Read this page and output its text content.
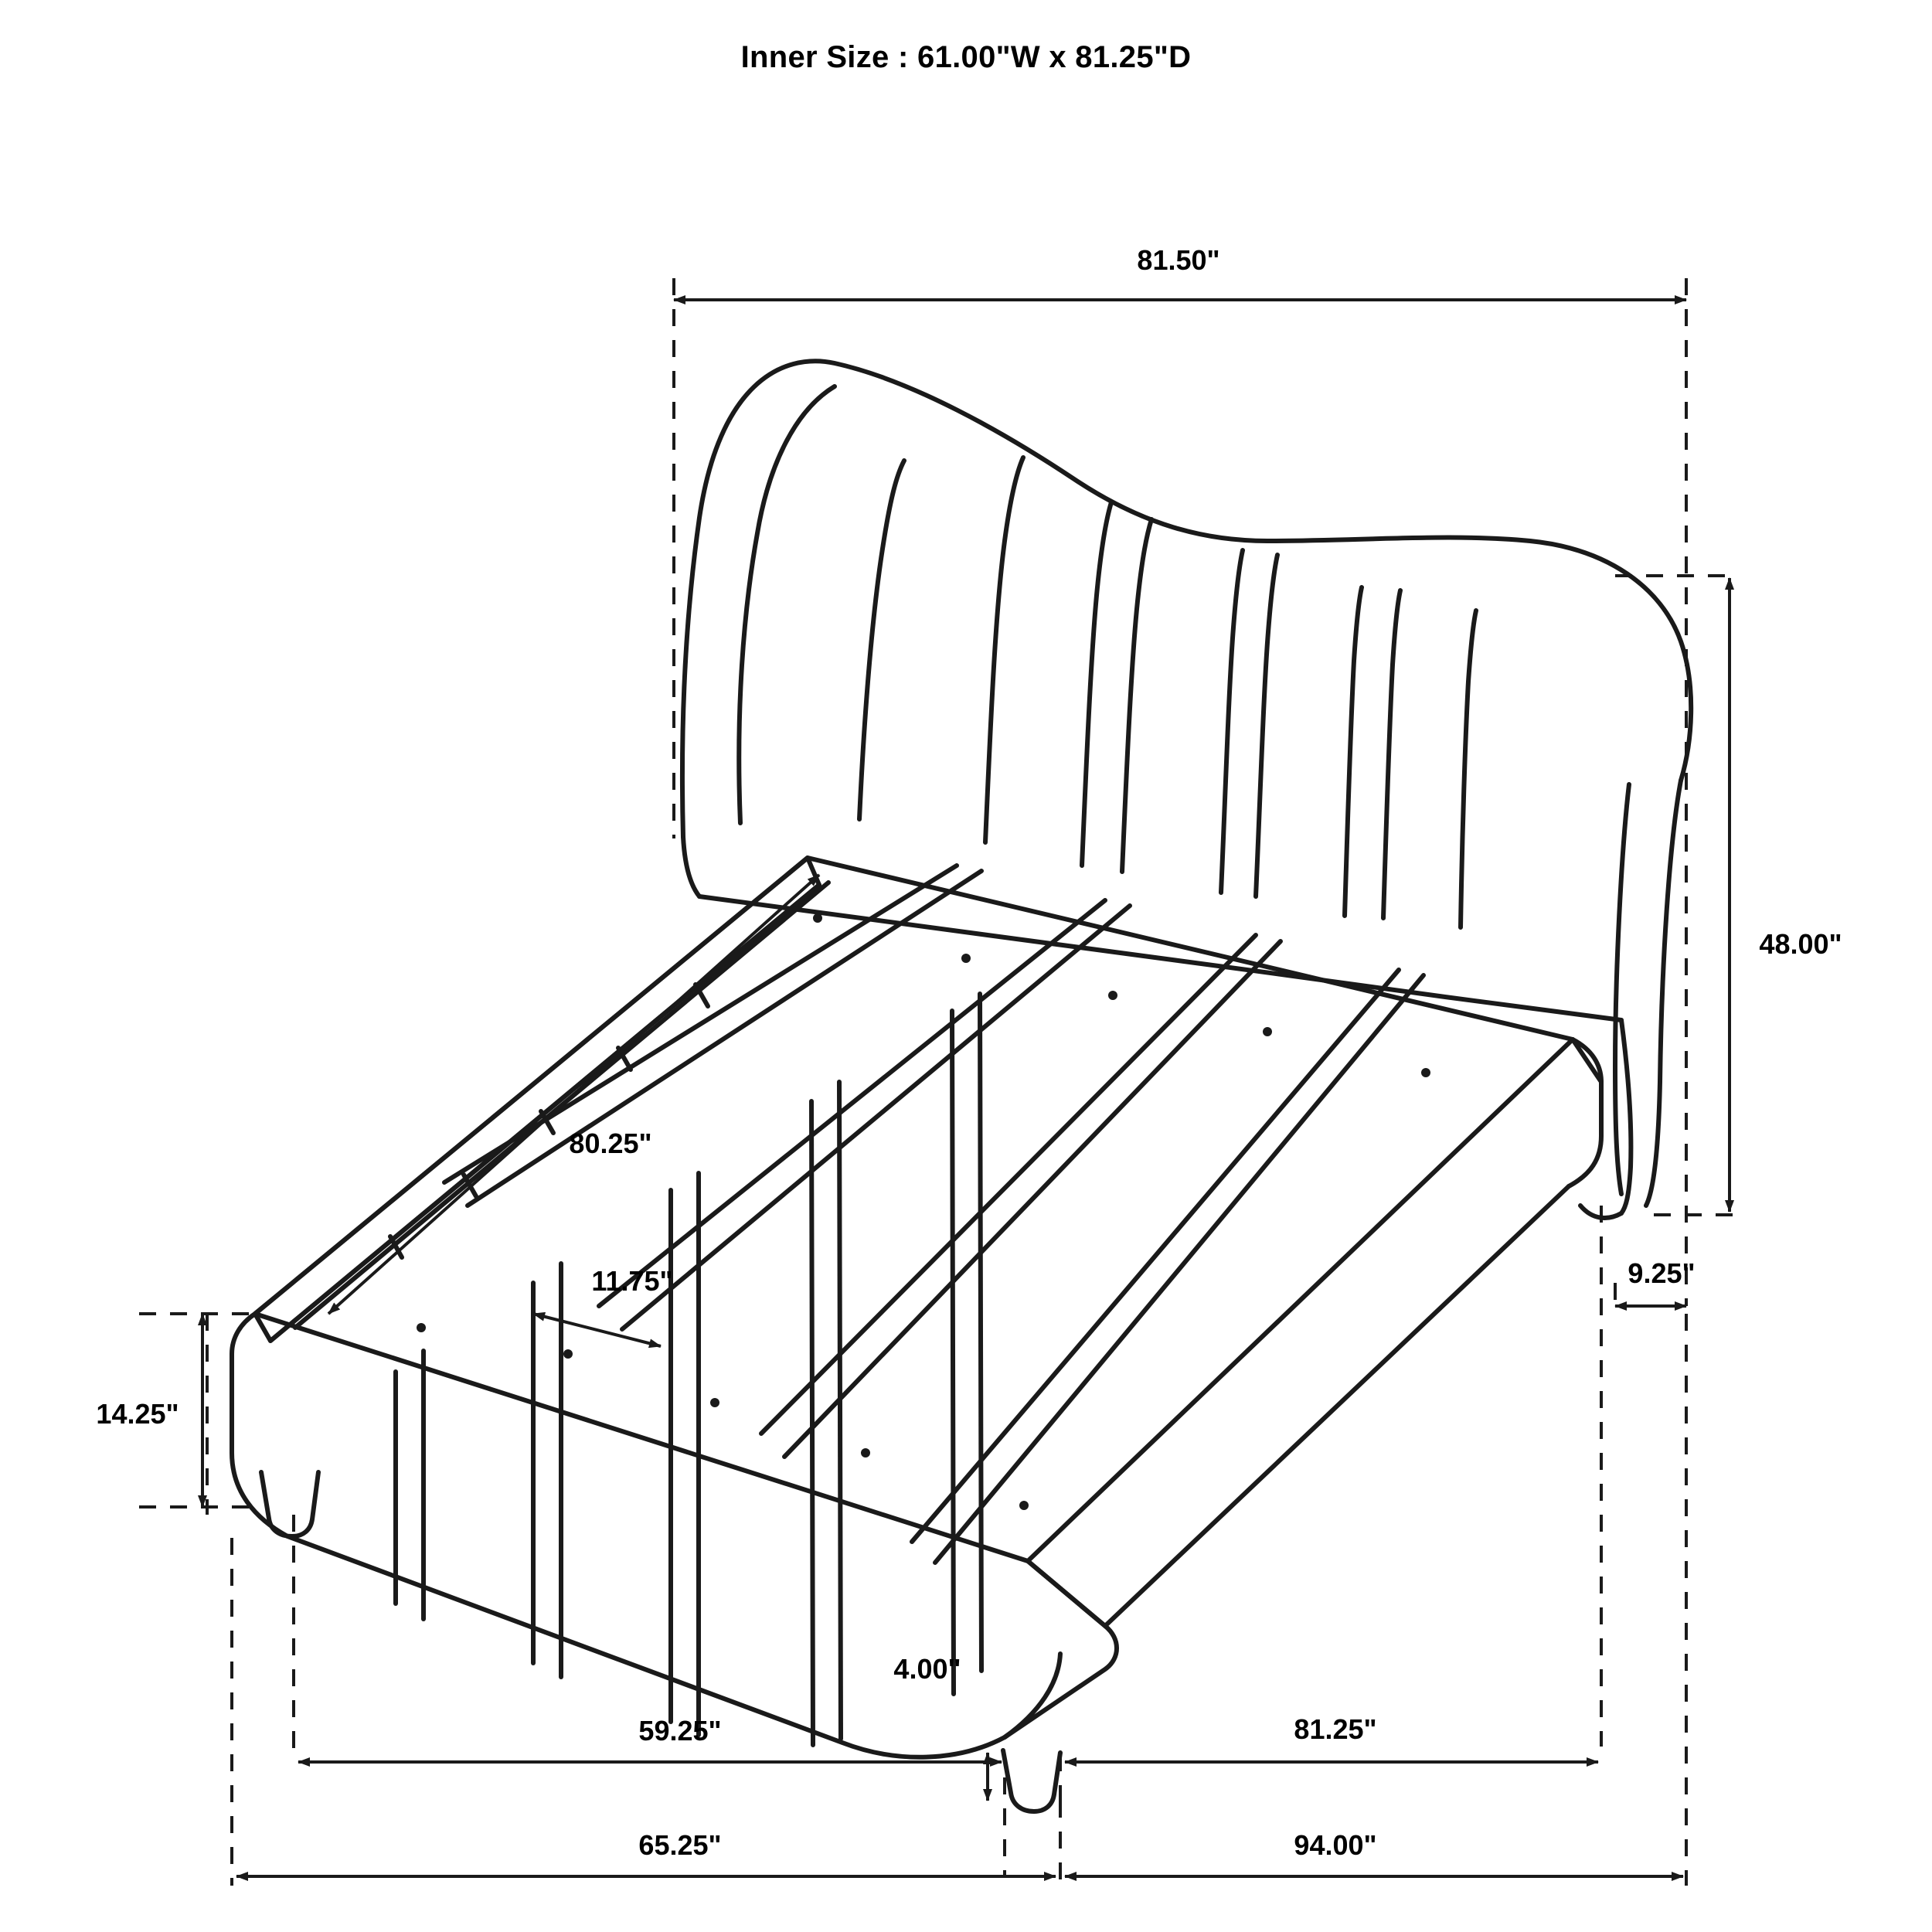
Inner Size : 61.00"W x 81.25"D
81.50"
48.00"
80.25"
11.75"	9.25"
14.25"
4.00"
59.25"	81.25"
65.25"	94.00"
